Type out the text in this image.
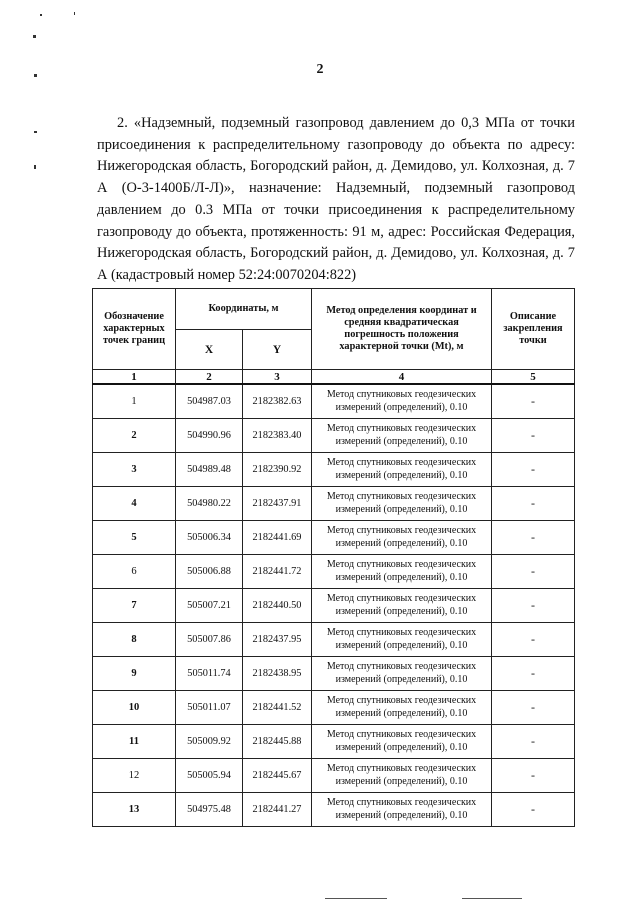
2
2. «Надземный, подземный газопровод давлением до 0,3 МПа от точки присоединения к распределительному газопроводу до объекта по адресу: Нижегородская область, Богородский район, д. Демидово, ул. Колхозная, д. 7 А (О-3-1400Б/Л-Л)», назначение: Надземный, подземный газопровод давлением до 0.3 МПа от точки присоединения к распределительному газопроводу до объекта, протяженность: 91 м, адрес: Российская Федерация, Нижегородская область, Богородский район, д. Демидово, ул. Колхозная, д. 7 А (кадастровый номер 52:24:0070204:822)
Обозначение характерных точек границ	Координаты, м		Метод определения координат и средняя квадратическая погрешность положения характерной точки (Mt), м	Описание закрепления точки
	X	Y		
1	2	3	4	5
1	504987.03	2182382.63	Метод спутниковых геодезических измерений (определений), 0.10	-
2	504990.96	2182383.40	Метод спутниковых геодезических измерений (определений), 0.10	-
3	504989.48	2182390.92	Метод спутниковых геодезических измерений (определений), 0.10	-
4	504980.22	2182437.91	Метод спутниковых геодезических измерений (определений), 0.10	-
5	505006.34	2182441.69	Метод спутниковых геодезических измерений (определений), 0.10	-
6	505006.88	2182441.72	Метод спутниковых геодезических измерений (определений), 0.10	-
7	505007.21	2182440.50	Метод спутниковых геодезических измерений (определений), 0.10	-
8	505007.86	2182437.95	Метод спутниковых геодезических измерений (определений), 0.10	-
9	505011.74	2182438.95	Метод спутниковых геодезических измерений (определений), 0.10	-
10	505011.07	2182441.52	Метод спутниковых геодезических измерений (определений), 0.10	-
11	505009.92	2182445.88	Метод спутниковых геодезических измерений (определений), 0.10	-
12	505005.94	2182445.67	Метод спутниковых геодезических измерений (определений), 0.10	-
13	504975.48	2182441.27	Метод спутниковых геодезических измерений (определений), 0.10	-
